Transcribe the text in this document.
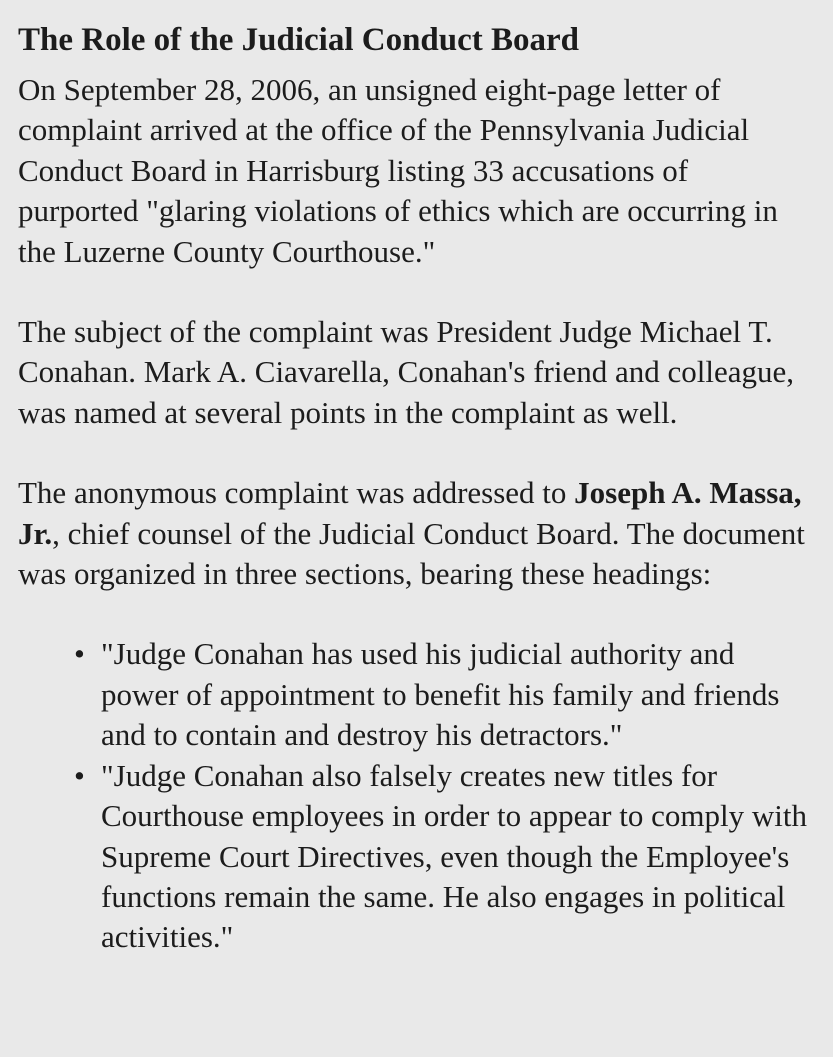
The Role of the Judicial Conduct Board

On September 28, 2006, an unsigned eight-page letter of complaint arrived at the office of the Pennsylvania Judicial Conduct Board in Harrisburg listing 33 accusations of purported "glaring violations of ethics which are occurring in the Luzerne County Courthouse."

The subject of the complaint was President Judge Michael T. Conahan. Mark A. Ciavarella, Conahan's friend and colleague, was named at several points in the complaint as well.

The anonymous complaint was addressed to Joseph A. Massa, Jr., chief counsel of the Judicial Conduct Board. The document was organized in three sections, bearing these headings:

• "Judge Conahan has used his judicial authority and power of appointment to benefit his family and friends and to contain and destroy his detractors."
• "Judge Conahan also falsely creates new titles for Courthouse employees in order to appear to comply with Supreme Court Directives, even though the Employee's functions remain the same. He also engages in political activities."
